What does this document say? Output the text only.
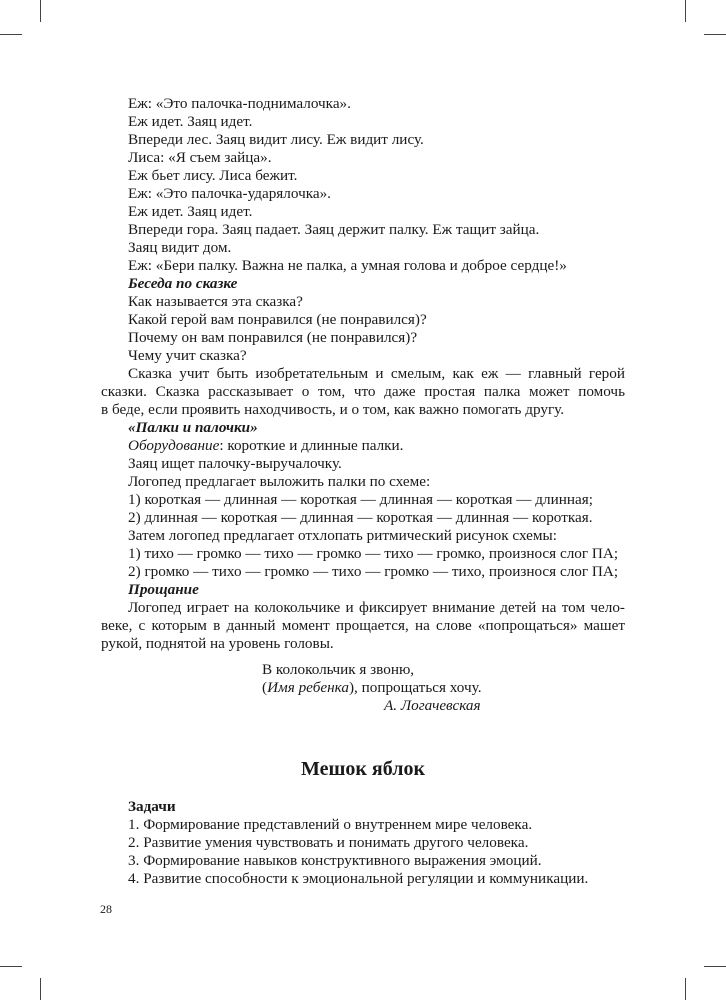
Еж: «Это палочка-поднималочка».
Еж идет. Заяц идет.
Впереди лес. Заяц видит лису. Еж видит лису.
Лиса: «Я съем зайца».
Еж бьет лису. Лиса бежит.
Еж: «Это палочка-ударялочка».
Еж идет. Заяц идет.
Впереди гора. Заяц падает. Заяц держит палку. Еж тащит зайца.
Заяц видит дом.
Еж: «Бери палку. Важна не палка, а умная голова и доброе сердце!»
Беседа по сказке
Как называется эта сказка?
Какой герой вам понравился (не понравился)?
Почему он вам понравился (не понравился)?
Чему учит сказка?
Сказка учит быть изобретательным и смелым, как еж — главный герой
сказки. Сказка рассказывает о том, что даже простая палка может помочь
в беде, если проявить находчивость, и о том, как важно помогать другу.
«Палки и палочки»
Оборудование: короткие и длинные палки.
Заяц ищет палочку-выручалочку.
Логопед предлагает выложить палки по схеме:
1) короткая — длинная — короткая — длинная — короткая — длинная;
2) длинная — короткая — длинная — короткая — длинная — короткая.
Затем логопед предлагает отхлопать ритмический рисунок схемы:
1) тихо — громко — тихо — громко — тихо — громко, произнося слог ПА;
2) громко — тихо — громко — тихо — громко — тихо, произнося слог ПА;
Прощание
Логопед играет на колокольчике и фиксирует внимание детей на том чело-
веке, с которым в данный момент прощается, на слове «попрощаться» машет
рукой, поднятой на уровень головы.
В колокольчик я звоню,
(Имя ребенка), попрощаться хочу.
А. Логачевская
Мешок яблок
Задачи
1. Формирование представлений о внутреннем мире человека.
2. Развитие умения чувствовать и понимать другого человека.
3. Формирование навыков конструктивного выражения эмоций.
4. Развитие способности к эмоциональной регуляции и коммуникации.
28
